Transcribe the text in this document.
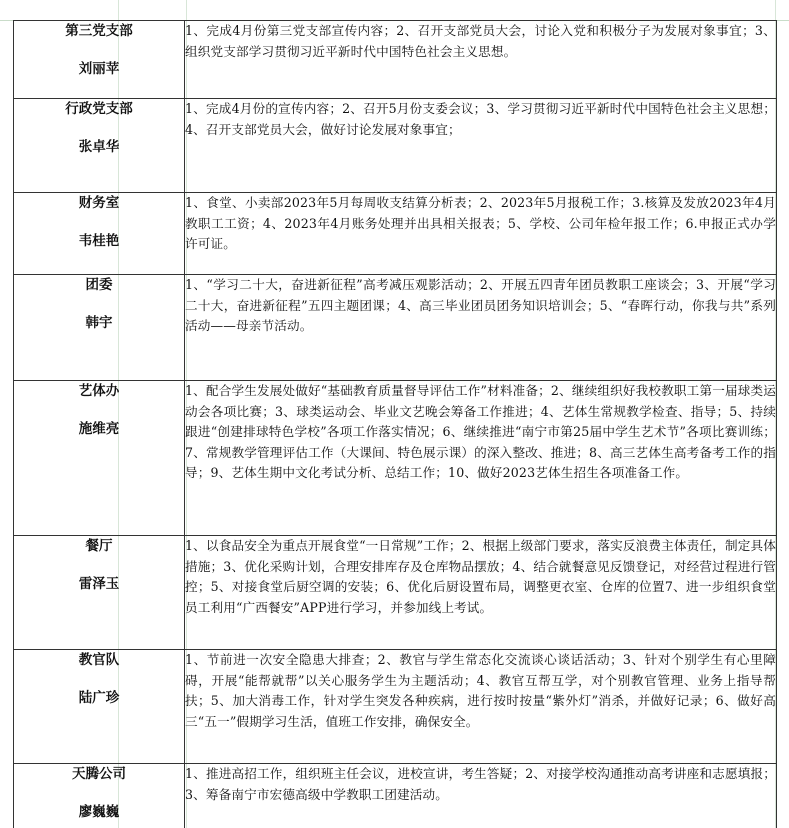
第三党支部
刘丽苹	1、完成4月份第三党支部宣传内容；2、召开支部党员大会，讨论入党和积极分子为发展对象事宜；3、组织党支部学习贯彻习近平新时代中国特色社会主义思想。

行政党支部
张卓华	1、完成4月份的宣传内容；2、召开5月份支委会议；3、学习贯彻习近平新时代中国特色社会主义思想；4、召开支部党员大会，做好讨论发展对象事宜；

财务室
韦桂艳	1、食堂、小卖部2023年5月每周收支结算分析表；2、2023年5月报税工作；3.核算及发放2023年4月教职工工资；4、2023年4月账务处理并出具相关报表；5、学校、公司年检年报工作；6.申报正式办学许可证。

团委
韩宇	1、“学习二十大，奋进新征程”高考减压观影活动；2、开展五四青年团员教职工座谈会；3、开展“学习二十大，奋进新征程”五四主题团课；4、高三毕业团员团务知识培训会；5、“春晖行动，你我与共”系列活动——母亲节活动。

艺体办
施维亮	1、配合学生发展处做好“基础教育质量督导评估工作”材料准备；2、继续组织好我校教职工第一届球类运动会各项比赛；3、球类运动会、毕业文艺晚会筹备工作推进；4、艺体生常规教学检查、指导；5、持续跟进“创建排球特色学校”各项工作落实情况；6、继续推进“南宁市第25届中学生艺术节”各项比赛训练；7、常规教学管理评估工作（大课间、特色展示课）的深入整改、推进；8、高三艺体生高考备考工作的指导；9、艺体生期中文化考试分析、总结工作；10、做好2023艺体生招生各项准备工作。

餐厅
雷泽玉	1、以食品安全为重点开展食堂“一日常规”工作；2、根据上级部门要求，落实反浪费主体责任，制定具体措施；3、优化采购计划，合理安排库存及仓库物品摆放；4、结合就餐意见反馈登记，对经营过程进行管控；5、对接食堂后厨空调的安装；6、优化后厨设置布局，调整更衣室、仓库的位置7、进一步组织食堂员工利用“广西餐安”APP进行学习，并参加线上考试。

教官队
陆广珍	1、节前进一次安全隐患大排查；2、教官与学生常态化交流谈心谈话活动；3、针对个别学生有心里障碍，开展“能帮就帮”以关心服务学生为主题活动；4、教官互帮互学，对个别教官管理、业务上指导帮扶；5、加大消毒工作，针对学生突发各种疾病，进行按时按量“紫外灯”消杀，并做好记录；6、做好高三“五一”假期学习生活，值班工作安排，确保安全。

天腾公司
廖巍巍	1、推进高招工作，组织班主任会议，进校宣讲，考生答疑；2、对接学校沟通推动高考讲座和志愿填报；3、筹备南宁市宏德高级中学教职工团建活动。
